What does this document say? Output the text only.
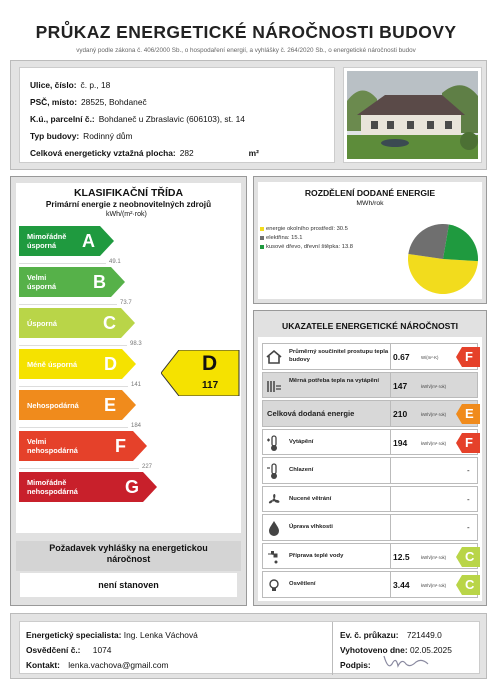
PRŮKAZ ENERGETICKÉ NÁROČNOSTI BUDOVY
vydaný podle zákona č. 406/2000 Sb., o hospodaření energií, a vyhlášky č. 264/2020 Sb., o energetické náročnosti budov
Ulice, číslo: č. p., 18
PSČ, místo: 28525, Bohdaneč
K.ú., parcelní č.: Bohdaneč u Zbraslavic (606103), st. 14
Typ budovy: Rodinný dům
Celková energeticky vztažná plocha: 282	m²
KLASIFIKAČNÍ TŘÍDA
Primární energie z neobnovitelných zdrojů
kWh/(m²·rok)
Mimořádně
úsporná	A
49.1
Velmi
úsporná B
73.7
Úsporná	C
98.3
Méně úsporná D
141
Nehospodárná E
184
Velmi
nehospodárná F
227
Mimořádně
nehospodárná	G
D
117
Požadavek vyhlášky na energetickou náročnost
není stanoven
ROZDĚLENÍ DODANÉ ENERGIE
MWh/rok
energie okolního prostředí: 30.5
elektřina: 15.1
kusové dřevo, dřevní štěpka: 13.8
UKAZATELE ENERGETICKÉ NÁROČNOSTI
Průměrný součinitel prostupu tepla budovy	0.67	W/(m²·K) F
Měrná potřeba tepla na vytápění	147	kWh/(m²·rok)
Celková dodaná energie	210	kWh/(m²·rok) E
Vytápění	194	kWh/(m²·rok) F
Chlazení	-
Nucené větrání	-
Úprava vlhkosti	-
Příprava teplé vody	12.5	kWh/(m²·rok) C
Osvětlení	3.44	kWh/(m²·rok) C
Energetický specialista: Ing. Lenka Váchová
Osvědčení č.: 1074
Kontakt: lenka.vachova@gmail.com
Ev. č. průkazu: 721449.0
Vyhotoveno dne: 02.05.2025
Podpis:
